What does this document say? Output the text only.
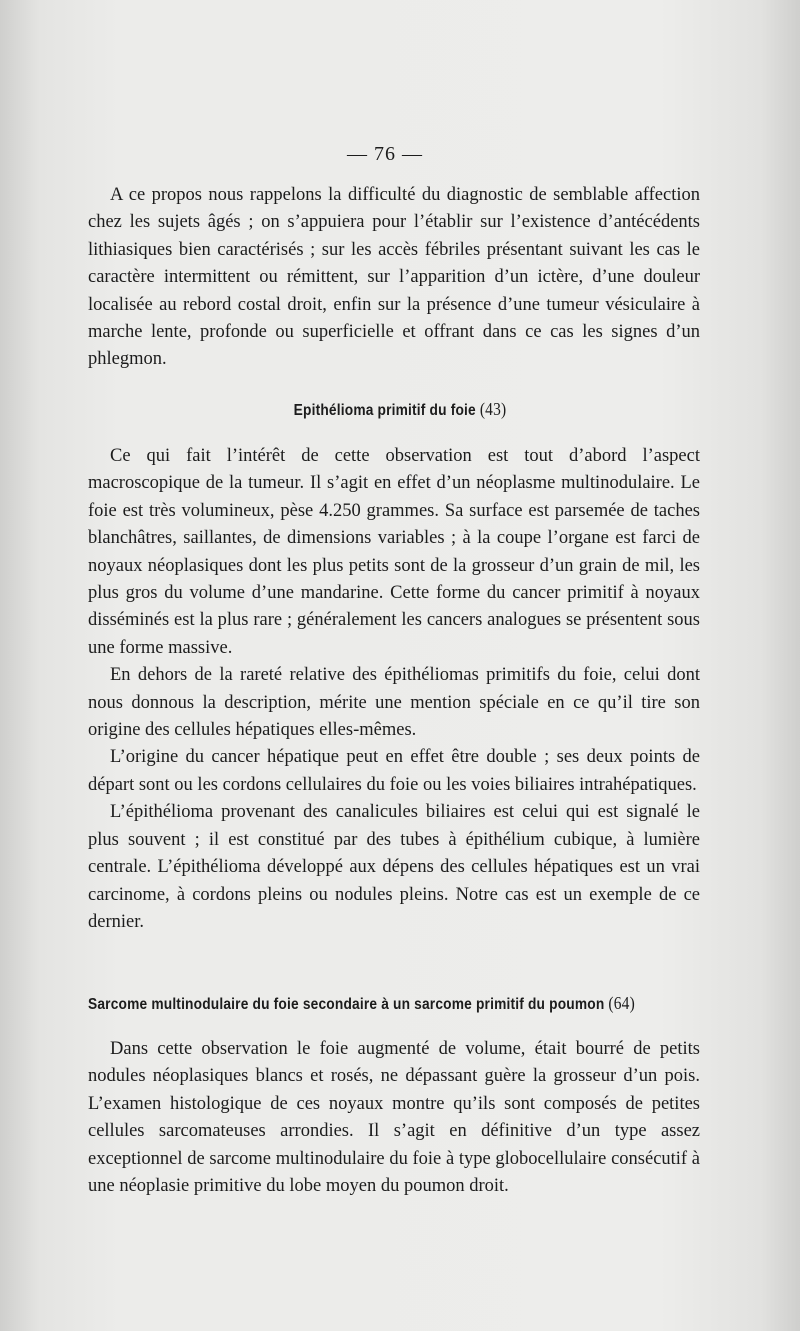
— 76 —

A ce propos nous rappelons la difficulté du diagnostic de semblable affection chez les sujets âgés ; on s’appuiera pour l’établir sur l’existence d’antécédents lithiasiques bien caractérisés ; sur les accès fébriles présentant suivant les cas le caractère intermittent ou rémittent, sur l’apparition d’un ictère, d’une douleur localisée au rebord costal droit, enfin sur la présence d’une tumeur vésiculaire à marche lente, profonde ou superficielle et offrant dans ce cas les signes d’un phlegmon.

Epithélioma primitif du foie (43)

Ce qui fait l’intérêt de cette observation est tout d’abord l’aspect macroscopique de la tumeur. Il s’agit en effet d’un néoplasme multinodulaire. Le foie est très volumineux, pèse 4.250 grammes. Sa surface est parsemée de taches blanchâtres, saillantes, de dimensions variables ; à la coupe l’organe est farci de noyaux néoplasiques dont les plus petits sont de la grosseur d’un grain de mil, les plus gros du volume d’une mandarine. Cette forme du cancer primitif à noyaux disséminés est la plus rare ; généralement les cancers analogues se présentent sous une forme massive.

En dehors de la rareté relative des épithéliomas primitifs du foie, celui dont nous donnous la description, mérite une mention spéciale en ce qu’il tire son origine des cellules hépatiques elles-mêmes.

L’origine du cancer hépatique peut en effet être double ; ses deux points de départ sont ou les cordons cellulaires du foie ou les voies biliaires intrahépatiques.

L’épithélioma provenant des canalicules biliaires est celui qui est signalé le plus souvent ; il est constitué par des tubes à épithélium cubique, à lumière centrale. L’épithélioma développé aux dépens des cellules hépatiques est un vrai carcinome, à cordons pleins ou nodules pleins. Notre cas est un exemple de ce dernier.

Sarcome multinodulaire du foie secondaire à un sarcome primitif du poumon (64)

Dans cette observation le foie augmenté de volume, était bourré de petits nodules néoplasiques blancs et rosés, ne dépassant guère la grosseur d’un pois. L’examen histologique de ces noyaux montre qu’ils sont composés de petites cellules sarcomateuses arrondies. Il s’agit en définitive d’un type assez exceptionnel de sarcome multinodulaire du foie à type globocellulaire consécutif à une néoplasie primitive du lobe moyen du poumon droit.
